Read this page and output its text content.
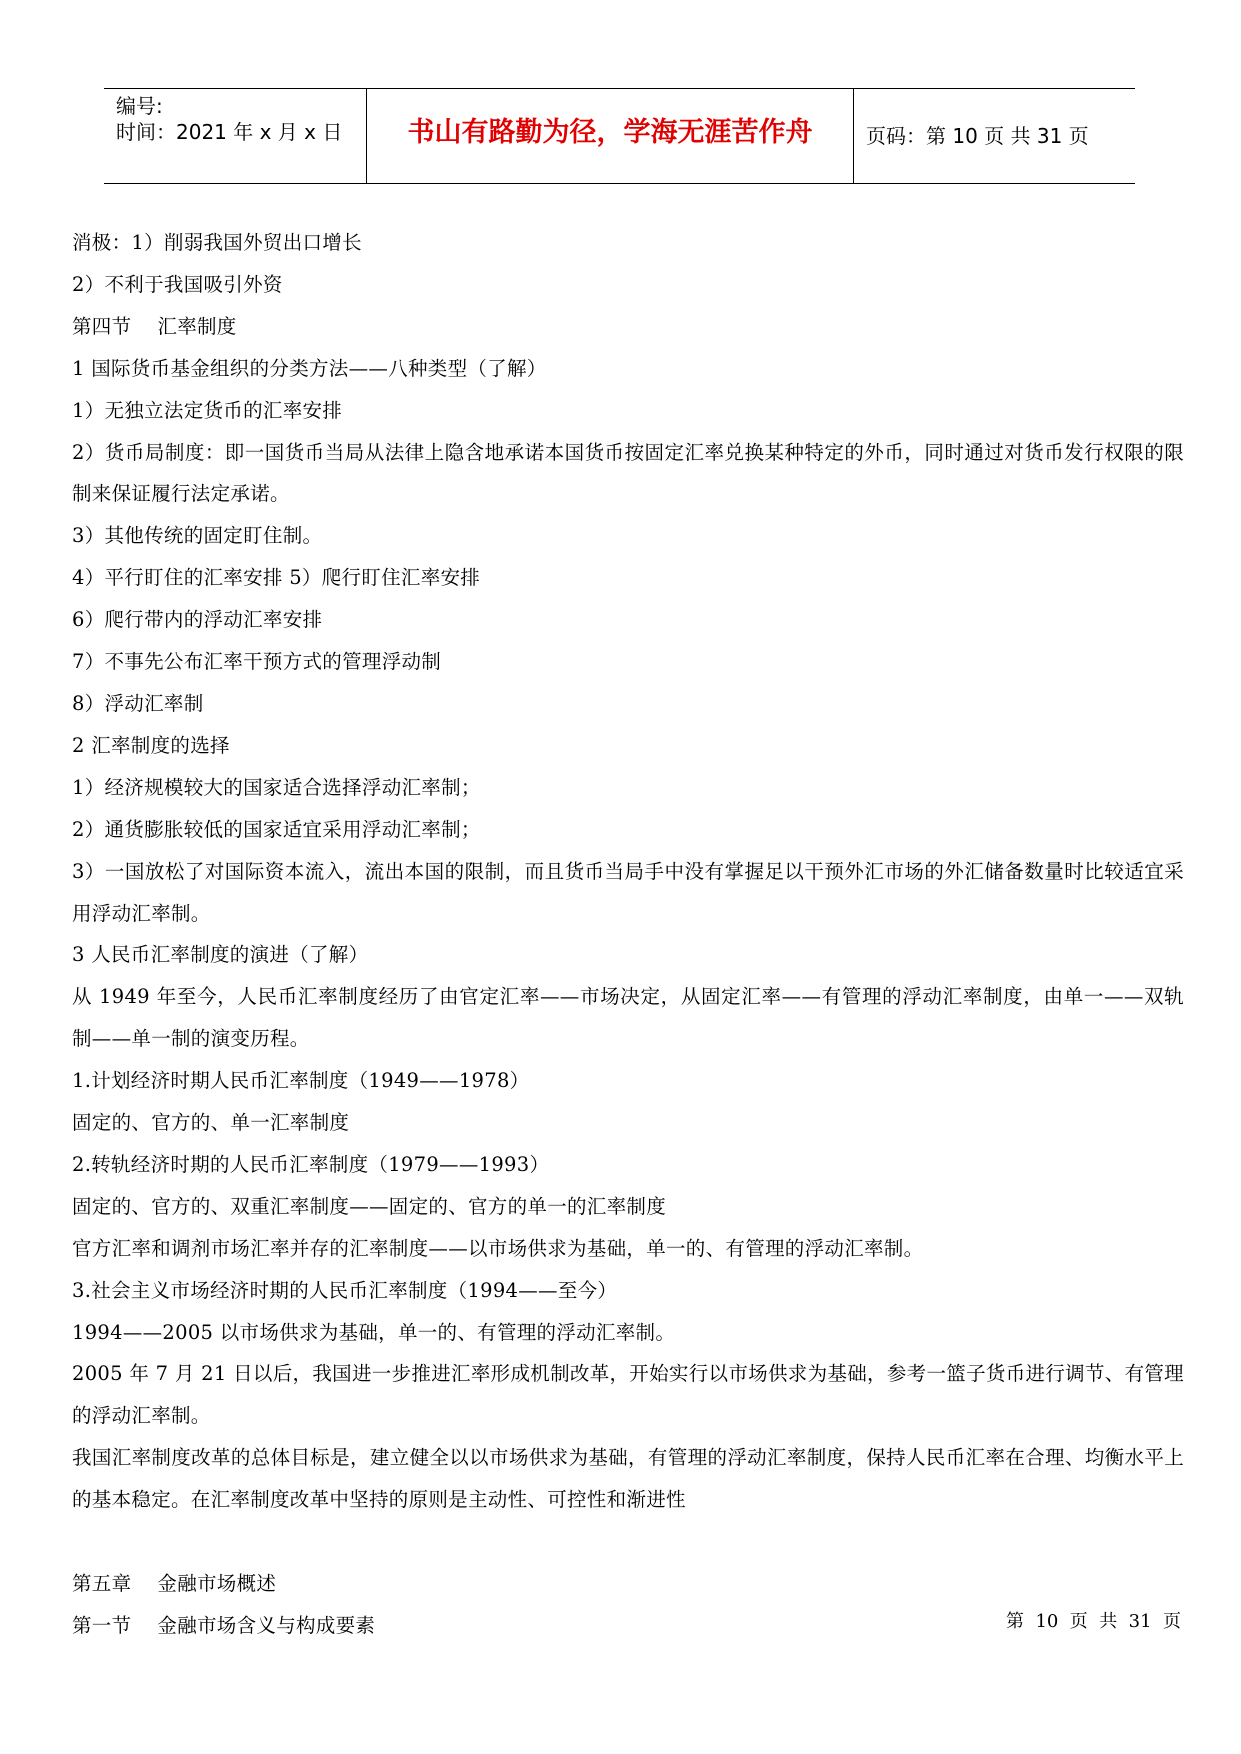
编号:
时间：2021 年 x 月 x 日	书山有路勤为径，学海无涯苦作舟	页码：第 10 页 共 31 页

消极：1）削弱我国外贸出口增长

2）不利于我国吸引外资

第四节    汇率制度

1 国际货币基金组织的分类方法——八种类型（了解）

1）无独立法定货币的汇率安排

2）货币局制度：即一国货币当局从法律上隐含地承诺本国货币按固定汇率兑换某种特定的外币，同时通过对货币发行权限的限制来保证履行法定承诺。

3）其他传统的固定盯住制。

4）平行盯住的汇率安排 5）爬行盯住汇率安排

6）爬行带内的浮动汇率安排

7）不事先公布汇率干预方式的管理浮动制

8）浮动汇率制

2 汇率制度的选择

1）经济规模较大的国家适合选择浮动汇率制；

2）通货膨胀较低的国家适宜采用浮动汇率制；

3）一国放松了对国际资本流入，流出本国的限制，而且货币当局手中没有掌握足以干预外汇市场的外汇储备数量时比较适宜采用浮动汇率制。

3 人民币汇率制度的演进（了解）

从 1949 年至今，人民币汇率制度经历了由官定汇率——市场决定，从固定汇率——有管理的浮动汇率制度，由单一——双轨制——单一制的演变历程。

1.计划经济时期人民币汇率制度（1949——1978）

固定的、官方的、单一汇率制度

2.转轨经济时期的人民币汇率制度（1979——1993）

固定的、官方的、双重汇率制度——固定的、官方的单一的汇率制度

官方汇率和调剂市场汇率并存的汇率制度——以市场供求为基础，单一的、有管理的浮动汇率制。

3.社会主义市场经济时期的人民币汇率制度（1994——至今）

1994——2005 以市场供求为基础，单一的、有管理的浮动汇率制。

2005 年 7 月 21 日以后，我国进一步推进汇率形成机制改革，开始实行以市场供求为基础，参考一篮子货币进行调节、有管理的浮动汇率制。

我国汇率制度改革的总体目标是，建立健全以以市场供求为基础，有管理的浮动汇率制度，保持人民币汇率在合理、均衡水平上的基本稳定。在汇率制度改革中坚持的原则是主动性、可控性和渐进性

第五章    金融市场概述

第一节    金融市场含义与构成要素	第  10  页  共  31  页
